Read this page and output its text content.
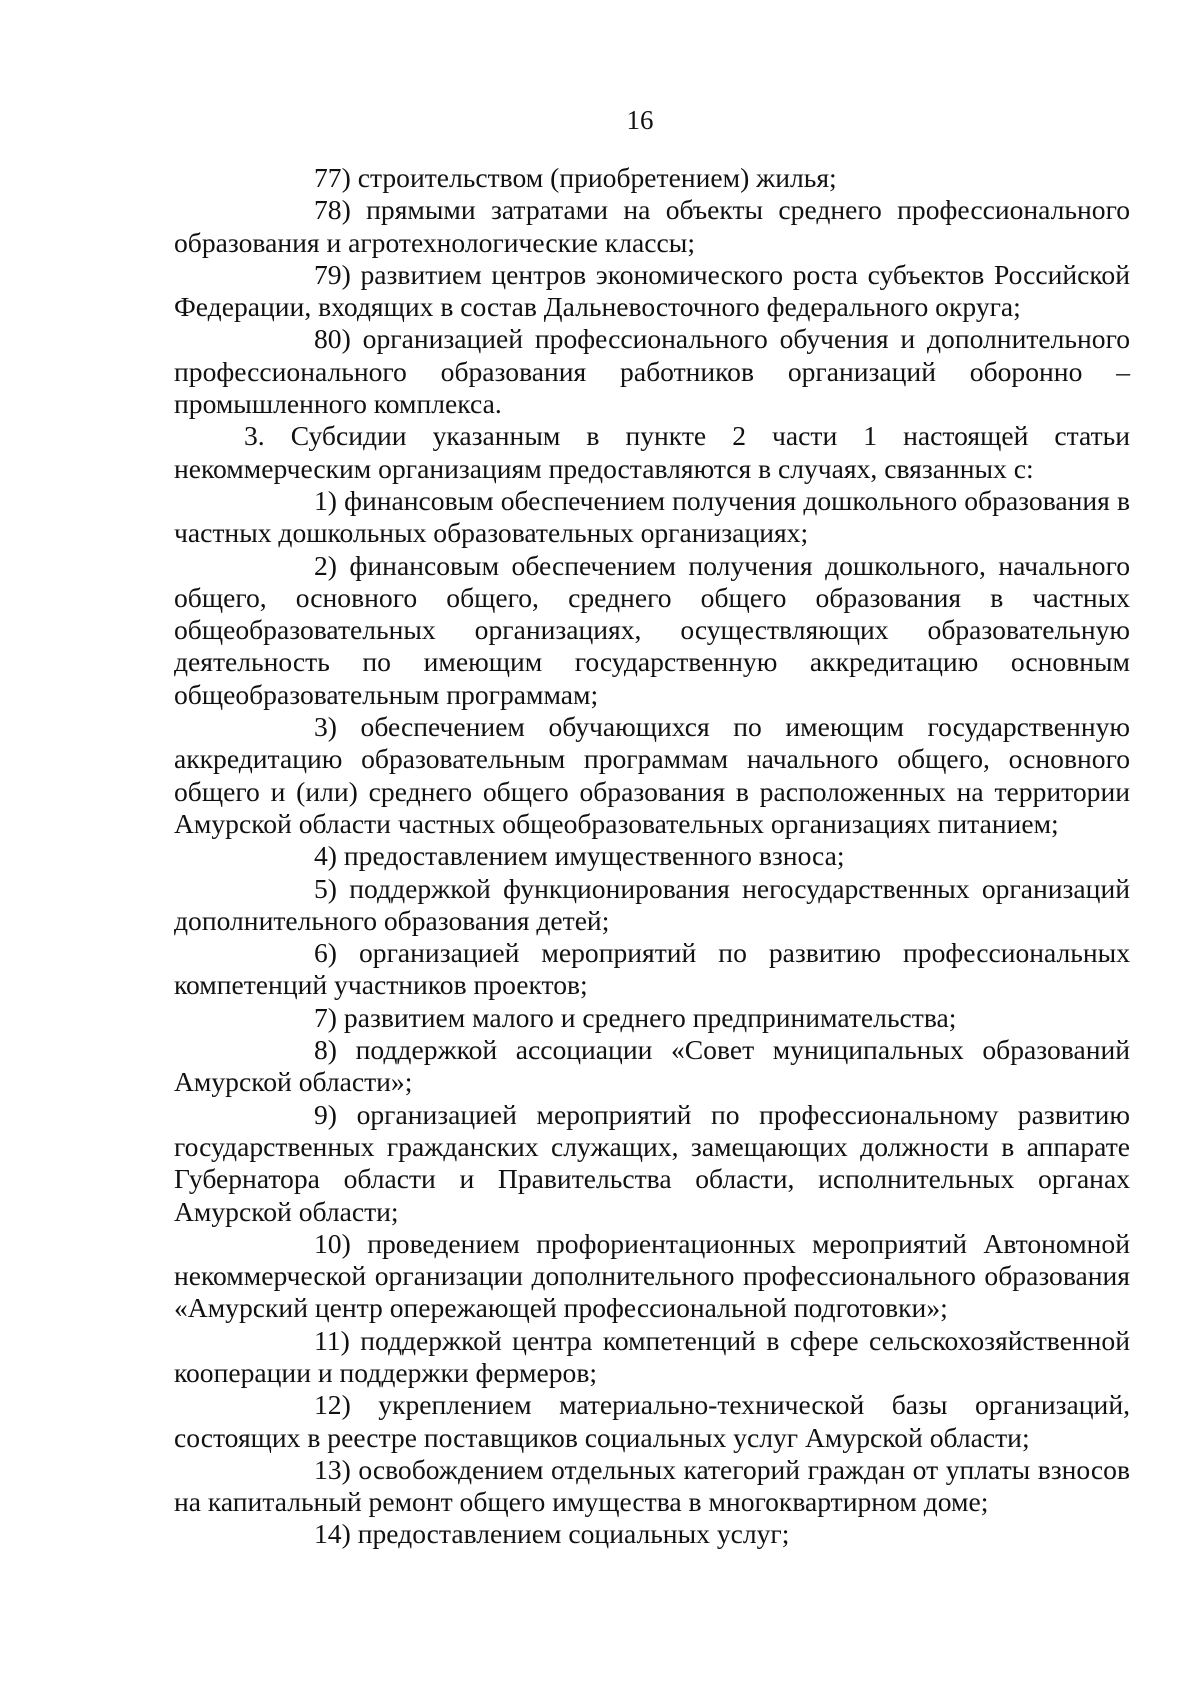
16

77) строительством (приобретением) жилья;

78) прямыми затратами на объекты среднего профессионального образования и агротехнологические классы;

79) развитием центров экономического роста субъектов Российской Федерации, входящих в состав Дальневосточного федерального округа;

80) организацией профессионального обучения и дополнительного профессионального образования работников организаций оборонно – промышленного комплекса.

3. Субсидии указанным в пункте 2 части 1 настоящей статьи некоммерческим организациям предоставляются в случаях, связанных с:

1) финансовым обеспечением получения дошкольного образования в частных дошкольных образовательных организациях;

2) финансовым обеспечением получения дошкольного, начального общего, основного общего, среднего общего образования в частных общеобразовательных организациях, осуществляющих образовательную деятельность по имеющим государственную аккредитацию основным общеобразовательным программам;

3) обеспечением обучающихся по имеющим государственную аккредитацию образовательным программам начального общего, основного общего и (или) среднего общего образования в расположенных на территории Амурской области частных общеобразовательных организациях питанием;

4) предоставлением имущественного взноса;

5) поддержкой функционирования негосударственных организаций дополнительного образования детей;

6) организацией мероприятий по развитию профессиональных компетенций участников проектов;

7) развитием малого и среднего предпринимательства;

8) поддержкой ассоциации «Совет муниципальных образований Амурской области»;

9) организацией мероприятий по профессиональному развитию государственных гражданских служащих, замещающих должности в аппарате Губернатора области и Правительства области, исполнительных органах Амурской области;

10) проведением профориентационных мероприятий Автономной некоммерческой организации дополнительного профессионального образования «Амурский центр опережающей профессиональной подготовки»;

11) поддержкой центра компетенций в сфере сельскохозяйственной кооперации и поддержки фермеров;

12) укреплением материально-технической базы организаций, состоящих в реестре поставщиков социальных услуг Амурской области;

13) освобождением отдельных категорий граждан от уплаты взносов на капитальный ремонт общего имущества в многоквартирном доме;

14) предоставлением социальных услуг;
